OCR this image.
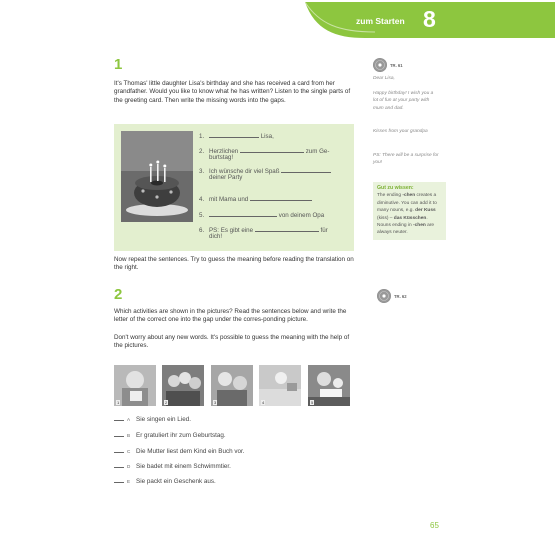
zum Starten 8
1
It's Thomas' little daughter Lisa's birthday and she has received a card from her grandfather. Would you like to know what he has written? Listen to the single parts of the greeting card. Then write the missing words into the gaps.
1.	Lisa,
2. Herzlichen	zum Ge-
burtstag!
3. Ich wünsche dir viel Spaß
deiner Party
4. mit Mama und
5.	von deinem Opa
6. PS: Es gibt eine	für
dich!
Now repeat the sentences. Try to guess the meaning before reading the translation on the right.
2
Which activities are shown in the pictures? Read the sentences below and write the letter of the correct one into the gap under the corres-ponding picture.
Don't worry about any new words. It's possible to guess the meaning with the help of the pictures.
1	2	3	4	5
A Sie singen ein Lied.
B Er gratuliert ihr zum Geburtstag.
C Die Mutter liest dem Kind ein Buch vor.
D Sie badet mit einem Schwimmtier.
E Sie packt ein Geschenk aus.
TR. 61
Dear Lisa,
Happy birthday! I wish you a lot of fun at your party with mum and dad.
Kisses from your grandpa
PS: There will be a surprise for you!
Gut zu wissen:
The ending -chen creates a diminutive. You can add it to many nouns, e.g. der Kuss (kiss) – das Küsschen. Nouns ending in -chen are always neuter.
TR. 62
65
